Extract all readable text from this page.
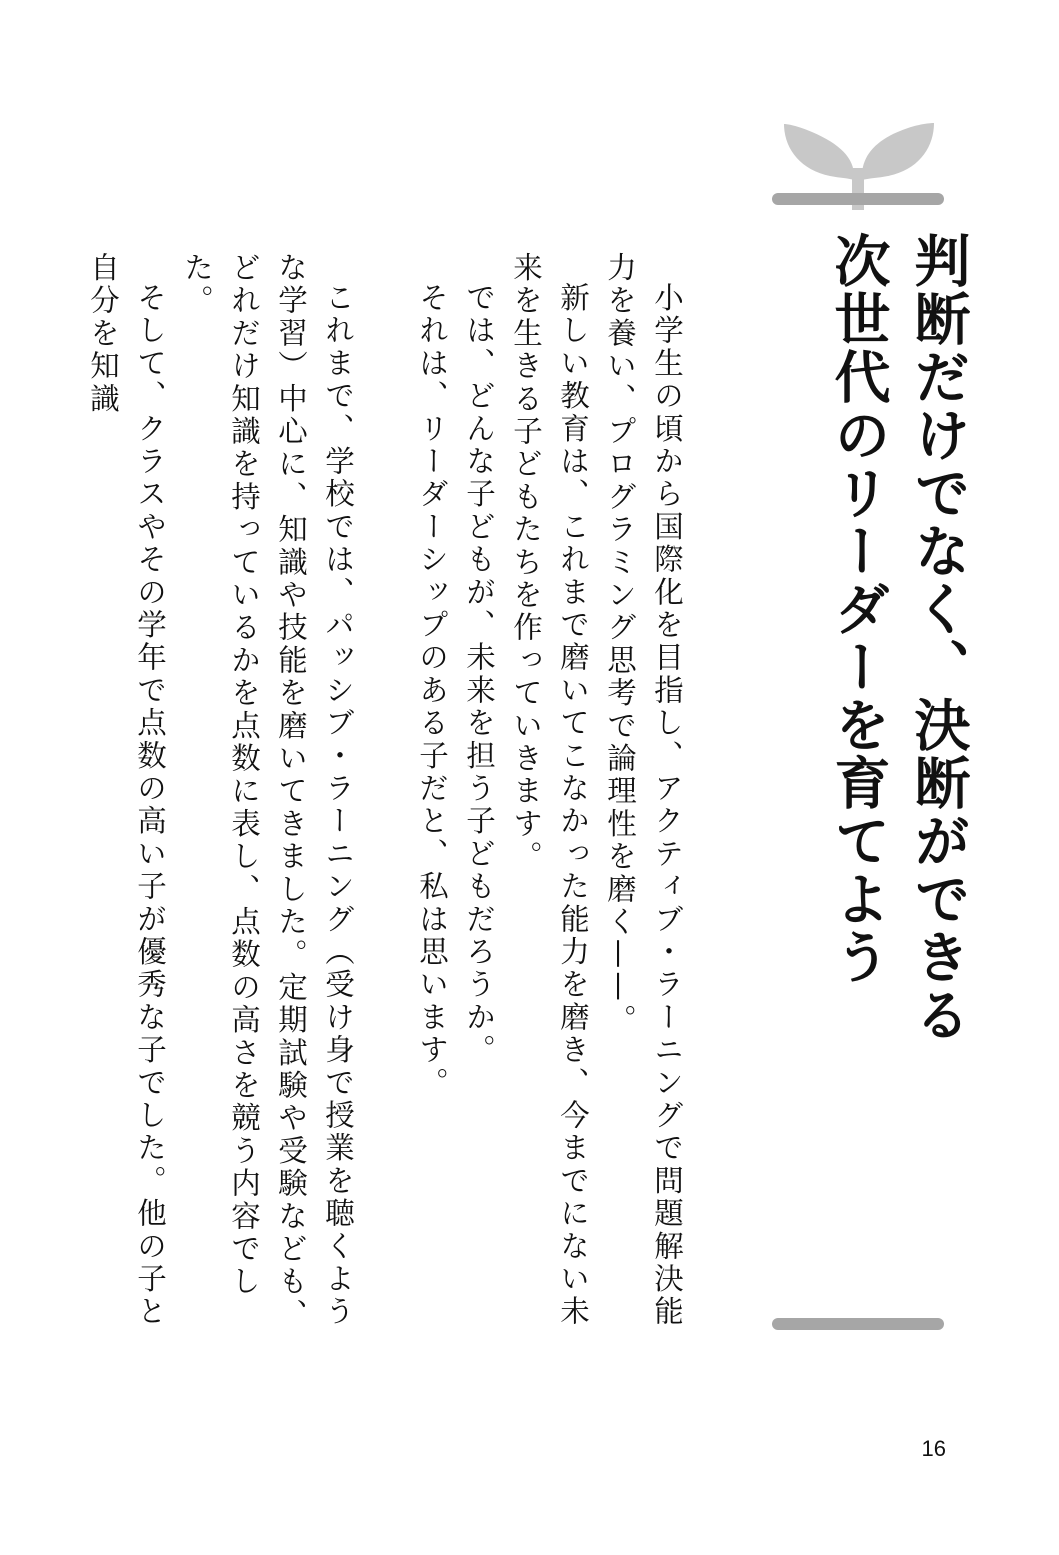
判断だけでなく、決断ができる
次世代のリーダーを育てよう

小学生の頃から国際化を目指し、アクティブ・ラーニングで問題解決能力を養い、プログラミング思考で論理性を磨く——。

新しい教育は、これまで磨いてこなかった能力を磨き、今までにない未来を生きる子どもたちを作っていきます。

では、どんな子どもが、未来を担う子どもだろうか。

それは、リーダーシップのある子だと、私は思います。

これまで、学校では、パッシブ・ラーニング（受け身で授業を聴くような学習）中心に、知識や技能を磨いてきました。定期試験や受験なども、どれだけ知識を持っているかを点数に表し、点数の高さを競う内容でした。

そして、クラスやその学年で点数の高い子が優秀な子でした。他の子と自分を知識

16
